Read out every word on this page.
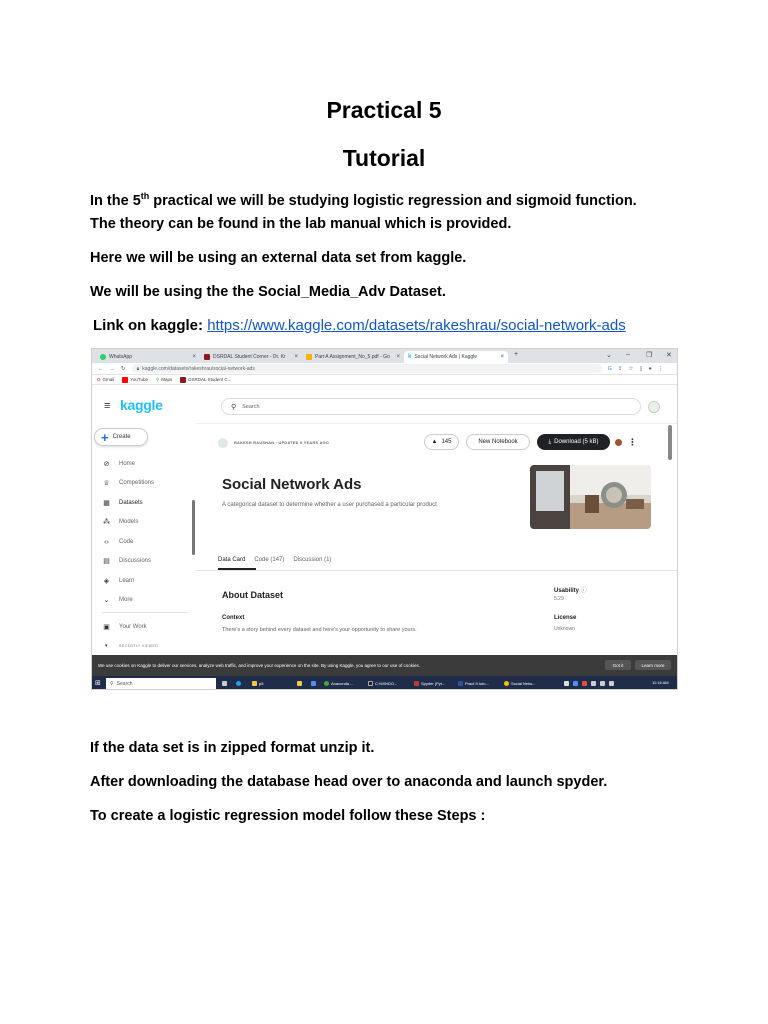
Practical 5
Tutorial
In the 5th practical we will be studying logistic regression and sigmoid function.
The theory can be found in the lab manual which is provided.
Here we will be using an external data set from kaggle.
We will be using the the Social_Media_Adv Dataset.
Link on kaggle: https://www.kaggle.com/datasets/rakeshrau/social-network-ads
WhatsApp	×	DSRDAL Student Corner - Dr. Kr ×	Part A Assignment_No_5.pdf - Go × k Social Network Ads | Kaggle	× +	⌄ – ❐ ✕
← → ↻ 🔒︎ kaggle.com/datasets/rakeshrau/social-network-ads	G ⇪ ☆ ▯ ● ⋮
G Gmail	YouTube ⚲ Maps	DSRDAL Student C...
≡ kaggle
+ Create
⊘ Home
♕ Competitions
▦ Datasets
⁂ Models
‹›	Code
▤ Discussions
◈	Learn
⌄ More
▣ Your Work
▾	RECENTLY VIEWED
⚲ Search
RAKESH RAUSHAN · UPDATED 6 YEARS AGO	▲ 145	New Notebook	⤓ Download (5 kB)	⋮
Social Network Ads
A categorical dataset to determine whether a user purchased a particular product
Data Card Code (147) Discussion (1)
About Dataset
Context
There's a story behind every dataset and here's your opportunity to share yours.
Usability ⓘ
5.29
License
Unknown
We use cookies on Kaggle to deliver our services, analyze web traffic, and improve your experience on the site. By using Kaggle, you agree to our use of cookies.	Got it	Learn more
⊞ ⚲ Search	p5	Anaconda ...	C:\WINDO...	Spyder (Pyt...	Pract 5 tuto...	Social Netw...	11:16 AM
If the data set is in zipped format unzip it.
After downloading the database head over to anaconda and launch spyder.
To create a logistic regression model follow these Steps :
